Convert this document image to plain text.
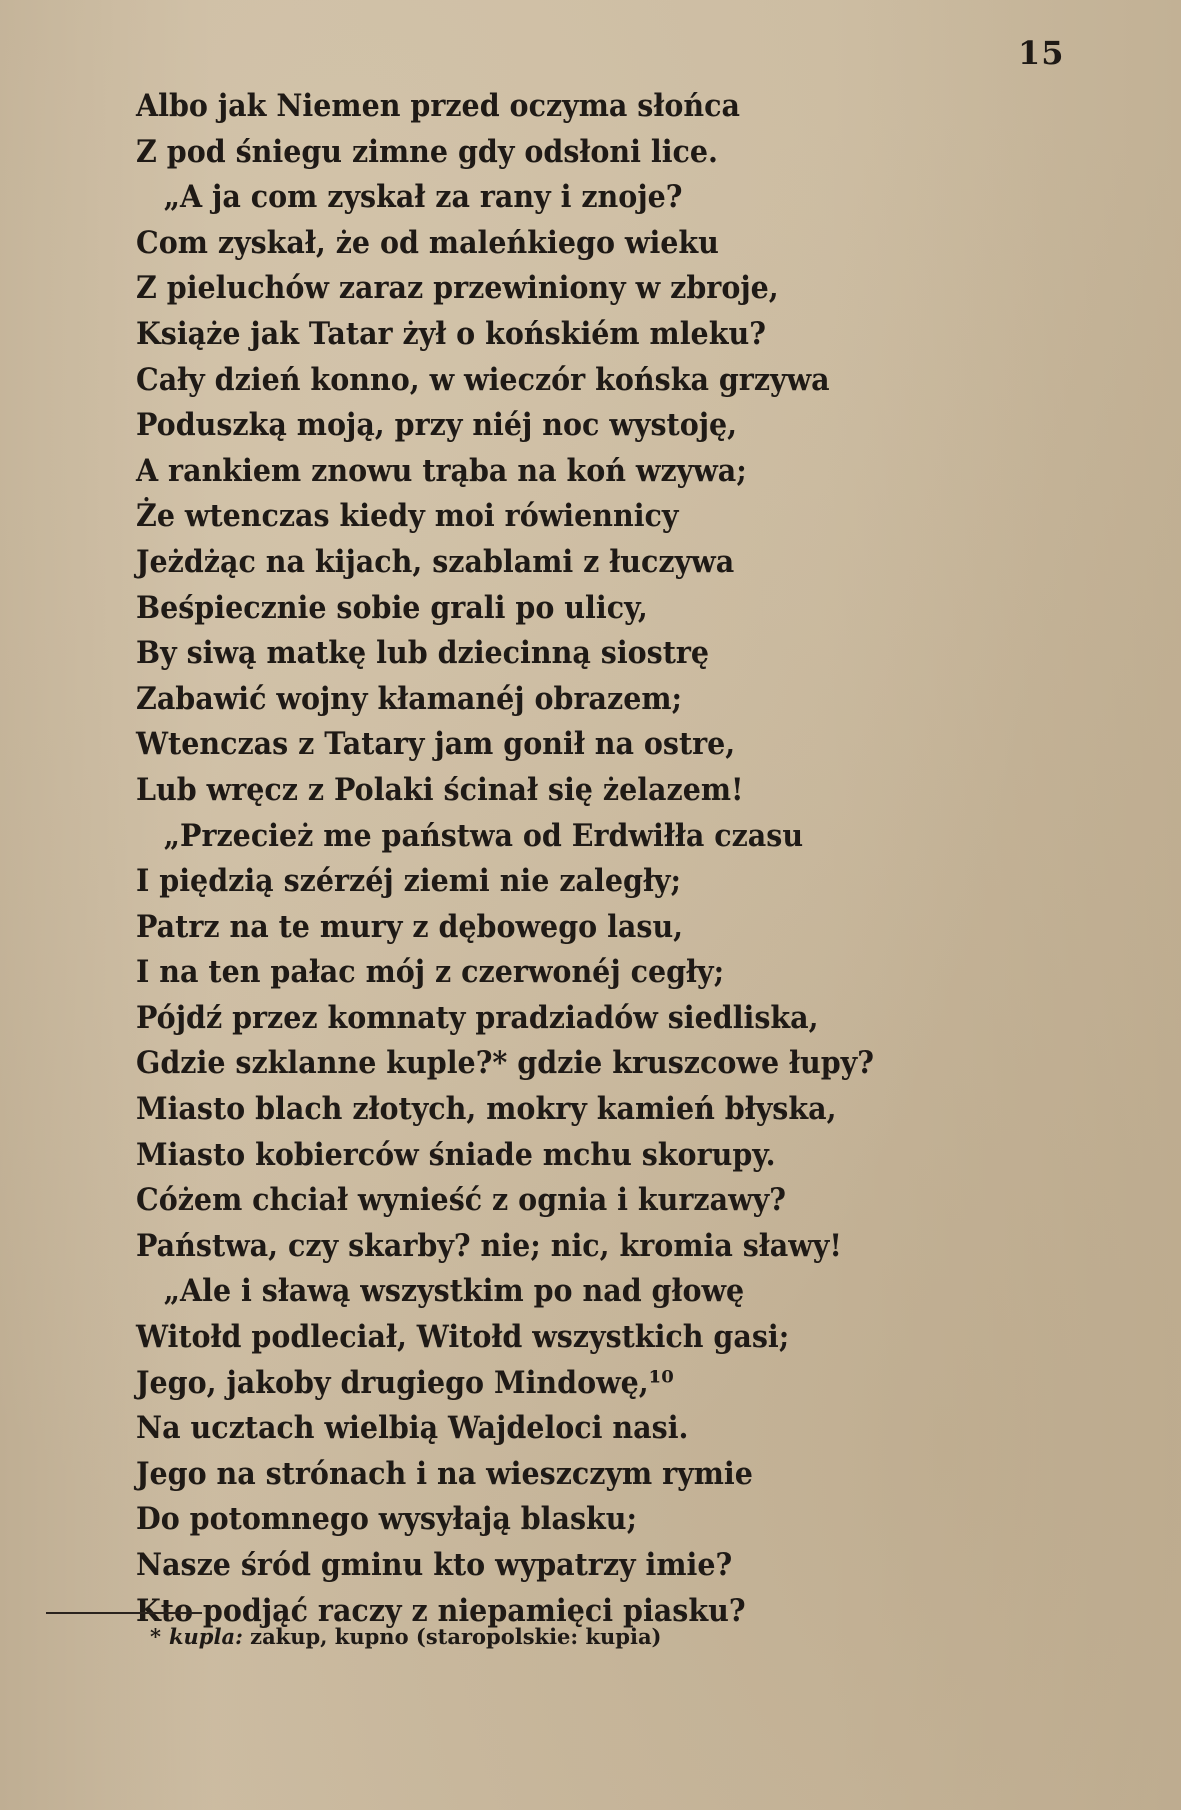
15
Albo jak Niemen przed oczyma słońca
Z pod śniegu zimne gdy odsłoni lice.
„A ja com zyskał za rany i znoje?
Com zyskał, że od maleńkiego wieku
Z pieluchów zaraz przewiniony w zbroje,
Książe jak Tatar żył o końskiém mleku?
Cały dzień konno, w wieczór końska grzywa
Poduszką moją, przy niéj noc wystoję,
A rankiem znowu trąba na koń wzywa;
Że wtenczas kiedy moi rówiennicy
Jeżdżąc na kijach, szablami z łuczywa
Beśpiecznie sobie grali po ulicy,
By siwą matkę lub dziecinną siostrę
Zabawić wojny kłamanéj obrazem;
Wtenczas z Tatary jam gonił na ostre,
Lub wręcz z Polaki ścinał się żelazem!
„Przecież me państwa od Erdwiłła czasu
I piędzią szérzéj ziemi nie zaległy;
Patrz na te mury z dębowego lasu,
I na ten pałac mój z czerwonéj cegły;
Pójdź przez komnaty pradziadów siedliska,
Gdzie szklanne kuple?* gdzie kruszcowe łupy?
Miasto blach złotych, mokry kamień błyska,
Miasto kobierców śniade mchu skorupy.
Cóżem chciał wynieść z ognia i kurzawy?
Państwa, czy skarby? nie; nic, kromia sławy!
„Ale i sławą wszystkim po nad głowę
Witołd podleciał, Witołd wszystkich gasi;
Jego, jakoby drugiego Mindowę,¹⁰
Na ucztach wielbią Wajdeloci nasi.
Jego na strónach i na wieszczym rymie
Do potomnego wysyłają blasku;
Nasze śród gminu kto wypatrzy imie?
Kto podjąć raczy z niepamięci piasku?
* kupla: zakup, kupno (staropolskie: kupia)
